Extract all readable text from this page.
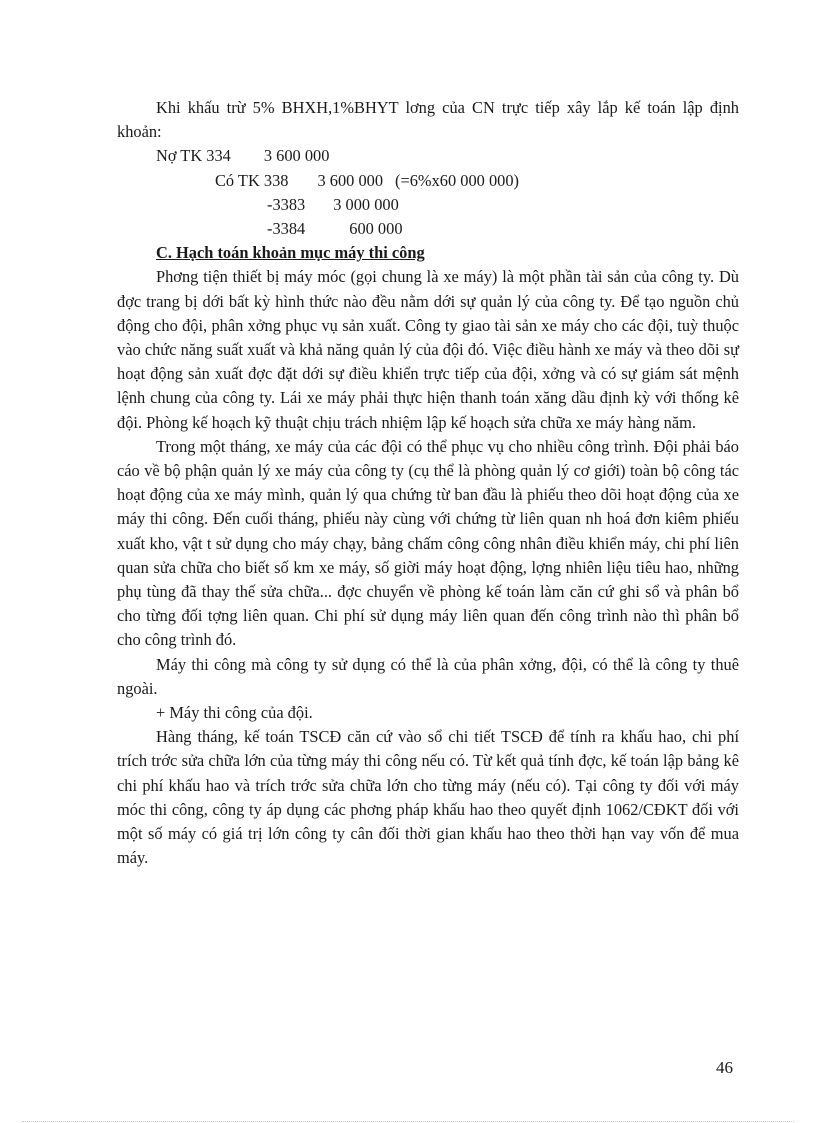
Khi khấu trừ 5% BHXH,1%BHYT lơng của CN trực tiếp xây lắp kế toán lập định khoản:

Nợ TK 334 3 600 000
Có TK 338 3 600 000 (=6%x60 000 000)
-3383 3 000 000
-3384	600 000

C. Hạch toán khoản mục máy thi công

Phơng tiện thiết bị máy móc (gọi chung là xe máy) là một phần tài sản của công ty. Dù đợc trang bị dới bất kỳ hình thức nào đều nằm dới sự quản lý của công ty. Để tạo nguồn chủ động cho đội, phân xởng phục vụ sản xuất. Công ty giao tài sản xe máy cho các đội, tuỳ thuộc vào chức năng suất xuất và khả năng quản lý của đội đó. Việc điều hành xe máy và theo dõi sự hoạt động sản xuất đợc đặt dới sự điều khiển trực tiếp của đội, xởng và có sự giám sát mệnh lệnh chung của công ty. Lái xe máy phải thực hiện thanh toán xăng dầu định kỳ với thống kê đội. Phòng kế hoạch kỹ thuật chịu trách nhiệm lập kế hoạch sửa chữa xe máy hàng năm.

Trong một tháng, xe máy của các đội có thể phục vụ cho nhiều công trình. Đội phải báo cáo về bộ phận quản lý xe máy của công ty (cụ thể là phòng quản lý cơ giới) toàn bộ công tác hoạt động của xe máy mình, quản lý qua chứng từ ban đầu là phiếu theo dõi hoạt động của xe máy thi công. Đến cuối tháng, phiếu này cùng với chứng từ liên quan nh hoá đơn kiêm phiếu xuất kho, vật t sử dụng cho máy chạy, bảng chấm công công nhân điều khiển máy, chi phí liên quan sửa chữa cho biết số km xe máy, số giời máy hoạt động, lợng nhiên liệu tiêu hao, những phụ tùng đã thay thế sửa chữa... đợc chuyển về phòng kế toán làm căn cứ ghi sổ và phân bổ cho từng đối tợng liên quan. Chi phí sử dụng máy liên quan đến công trình nào thì phân bổ cho công trình đó.

Máy thi công mà công ty sử dụng có thể là của phân xởng, đội, có thể là công ty thuê ngoài.

+ Máy thi công của đội.

Hàng tháng, kế toán TSCĐ căn cứ vào sổ chi tiết TSCĐ để tính ra khấu hao, chi phí trích trớc sửa chữa lớn của từng máy thi công nếu có. Từ kết quả tính đợc, kế toán lập bảng kê chi phí khấu hao và trích trớc sửa chữa lớn cho từng máy (nếu có). Tại công ty đối với máy móc thi công, công ty áp dụng các phơng pháp khấu hao theo quyết định 1062/CĐKT đối với một số máy có giá trị lớn công ty cân đối thời gian khấu hao theo thời hạn vay vốn để mua máy.

46
